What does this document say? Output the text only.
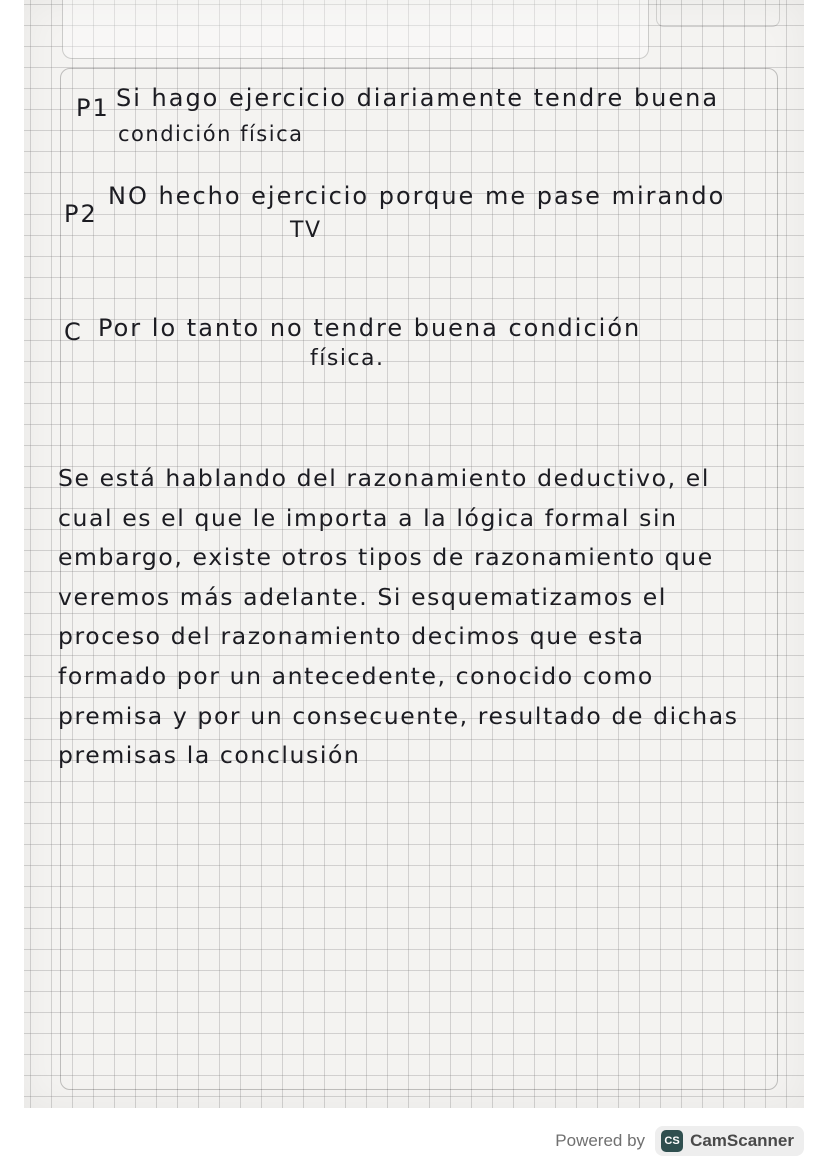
P1 Si hago ejercicio diariamente tendre buena
condición física
P2
NO hecho ejercicio porque me pase mirando
TV
C Por lo tanto no tendre buena condición
física.
Se está hablando del razonamiento deductivo, el
cual es el que le importa a la lógica formal sin
embargo, existe otros tipos de razonamiento que
veremos más adelante. Si esquematizamos el
proceso del razonamiento decimos que esta
formado por un antecedente, conocido como
premisa y por un consecuente, resultado de dichas
premisas la conclusión
Powered by	CS CamScanner
